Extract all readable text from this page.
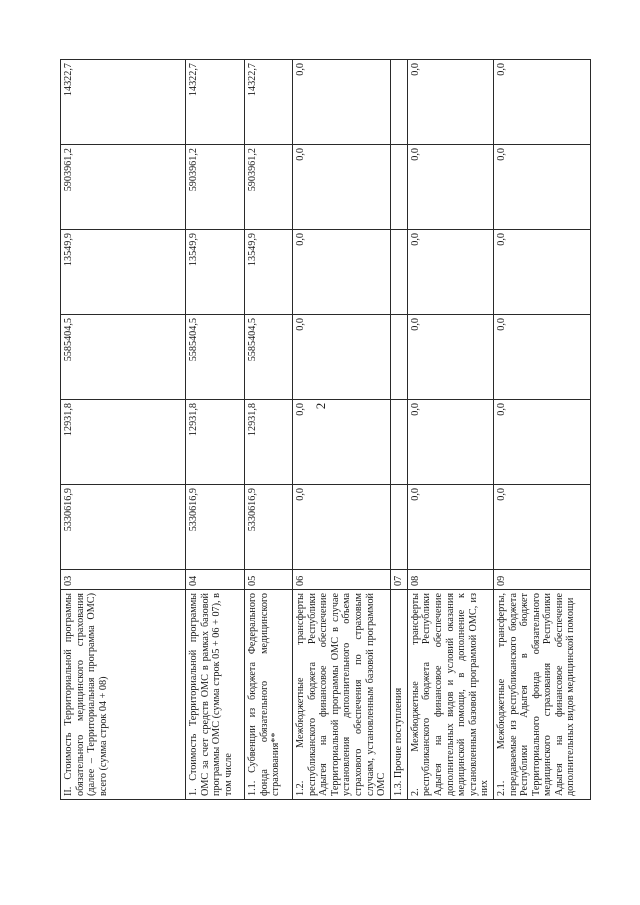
2
II. Стоимость Территориальной программы обязательного медицинского страхования (далее – Территориальная программа ОМС) всего (сумма строк 04 + 08)	03	5330616,9	12931,8	5585404,5	13549,9	5903961,2	14322,7
1. Стоимость Территориальной программы ОМС за счет средств ОМС в рамках базовой программы ОМС (сумма строк 05 + 06 + 07), в том числе	04	5330616,9	12931,8	5585404,5	13549,9	5903961,2	14322,7
1.1. Субвенции из бюджета Федерального фонда обязательного медицинского страхования**	05	5330616,9	12931,8	5585404,5	13549,9	5903961,2	14322,7
1.2. Межбюджетные трансферты республиканского бюджета Республики Адыгея на финансовое обеспечение Территориальной программы ОМС в случае установления дополнительного объема страхового обеспечения по страховым случаям, установленным базовой программой ОМС	06	0,0	0,0	0,0	0,0	0,0	0,0
1.3. Прочие поступления	07						
2. Межбюджетные трансферты республиканского бюджета Республики Адыгея на финансовое обеспечение дополнительных видов и условий оказания медицинской помощи, в дополнение к установленным базовой программой ОМС, из них	08	0,0	0,0	0,0	0,0	0,0	0,0
2.1. Межбюджетные трансферты, передаваемые из республиканского бюджета Республики Адыгея в бюджет Территориального фонда обязательного медицинского страхования Республики Адыгея на финансовое обеспечение дополнительных видов медицинской помощи	09	0,0	0,0	0,0	0,0	0,0	0,0
